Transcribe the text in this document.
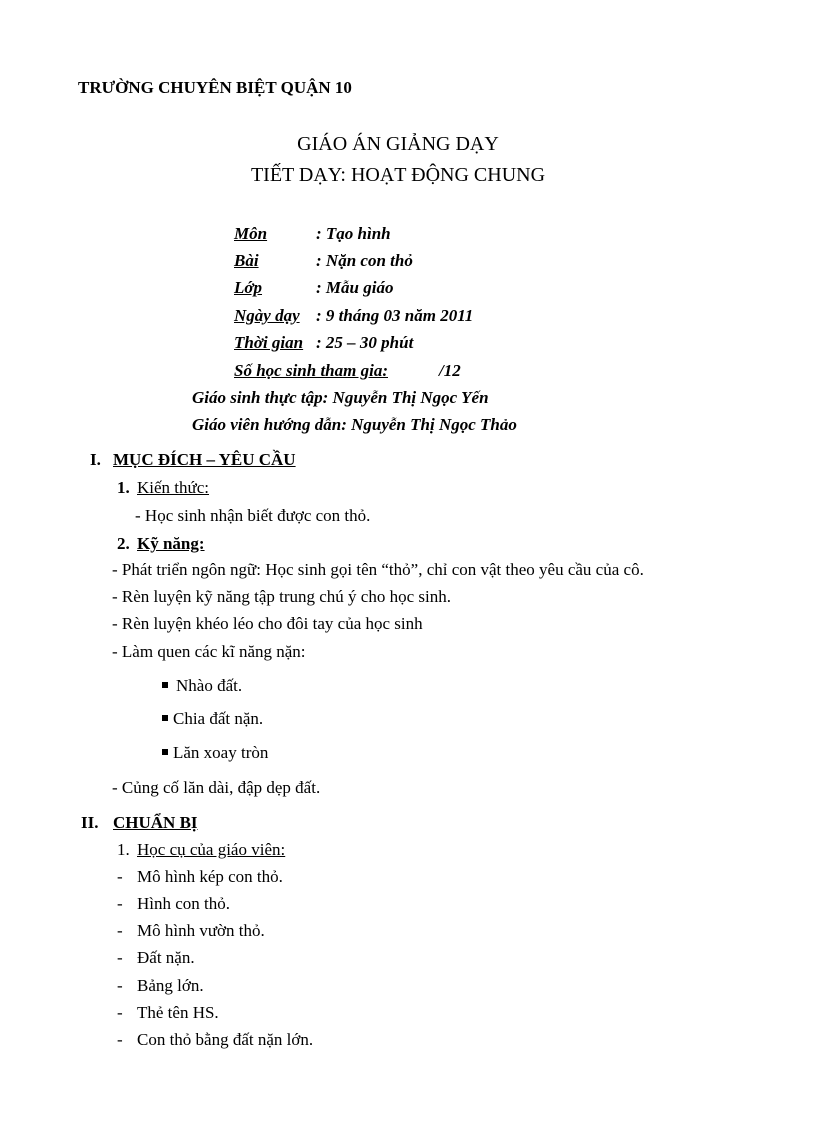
TRƯỜNG CHUYÊN BIỆT QUẬN 10
GIÁO ÁN GIẢNG DẠY
TIẾT DẠY: HOẠT ĐỘNG CHUNG
Môn	: Tạo hình
Bài	: Nặn con thỏ
Lớp	: Mẫu giáo
Ngày dạy : 9 tháng 03 năm 2011
Thời gian : 25 – 30 phút
Số học sinh tham gia:	/12
Giáo sinh thực tập: Nguyễn Thị Ngọc Yến
Giáo viên hướng dẫn: Nguyễn Thị Ngọc Thảo
I. MỤC ĐÍCH – YÊU CẦU
1. Kiến thức:
- Học sinh nhận biết được con thỏ.
2. Kỹ năng:
- Phát triển ngôn ngữ: Học sinh gọi tên “thỏ”, chỉ con vật theo yêu cầu của cô.
- Rèn luyện kỹ năng tập trung chú ý cho học sinh.
- Rèn luyện khéo léo cho đôi tay của học sinh
- Làm quen các kĩ năng nặn:
Nhào đất.
Chia đất nặn.
Lăn xoay tròn
- Củng cố lăn dài, đập dẹp đất.
II. CHUẨN BỊ
1. Học cụ của giáo viên:
- Mô hình kép con thỏ.
- Hình con thỏ.
- Mô hình vườn thỏ.
- Đất nặn.
- Bảng lớn.
- Thẻ tên HS.
- Con thỏ bằng đất nặn lớn.
